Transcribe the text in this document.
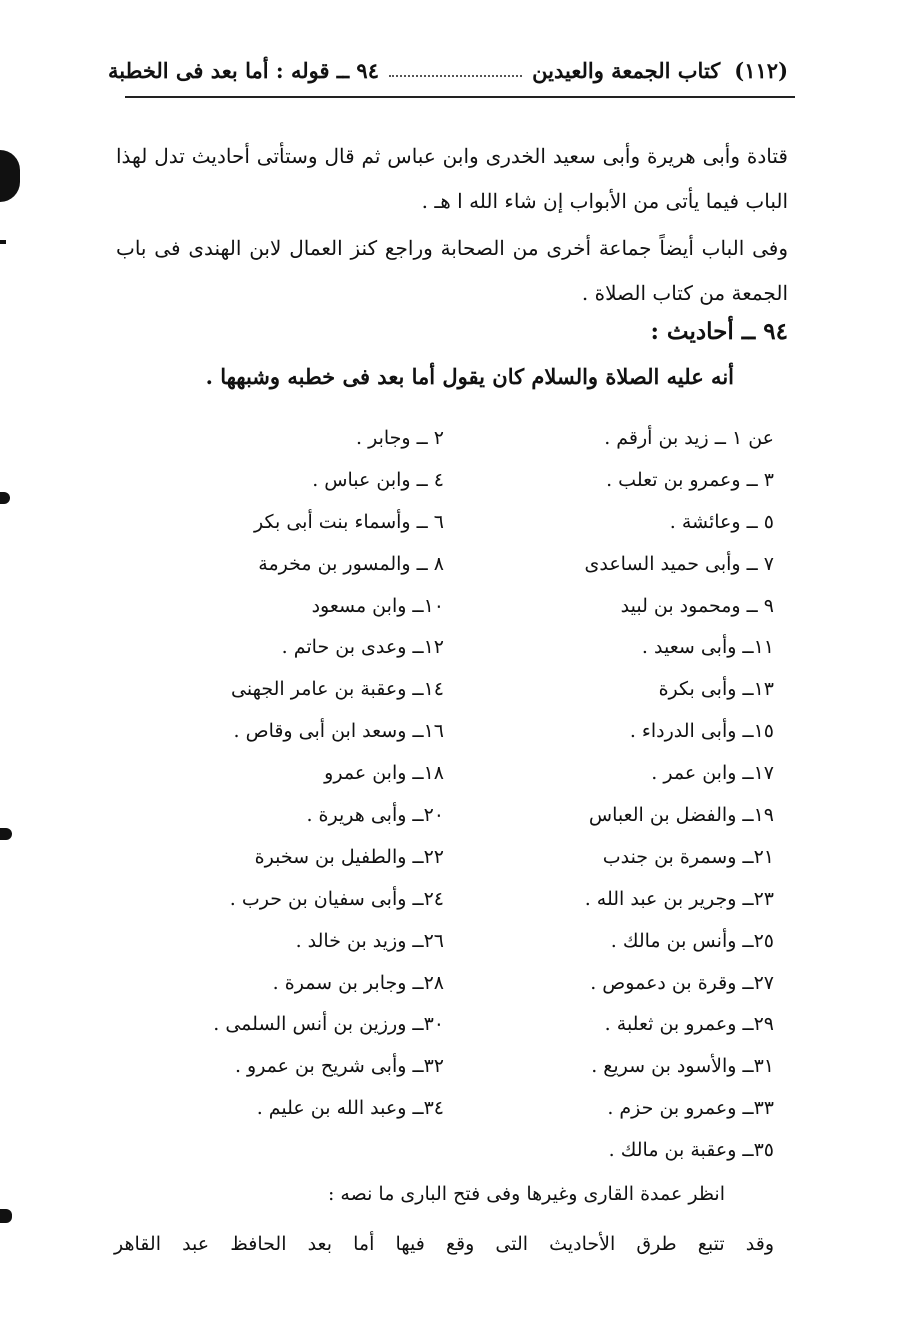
(١١٢)
كتاب الجمعة والعيدين
٩٤ ــ قوله : أما بعد فى الخطبة
قتادة وأبى هريرة وأبى سعيد الخدرى وابن عباس ثم قال وستأتى أحاديث تدل لهذا الباب فيما يأتى من الأبواب إن شاء الله ا هـ .
وفى الباب أيضاً جماعة أخرى من الصحابة وراجع كنز العمال لابن الهندى فى باب الجمعة من كتاب الصلاة .
٩٤ ــ أحاديث :
أنه عليه الصلاة والسلام كان يقول أما بعد فى خطبه وشبهها .
عن ١ ــ زيد بن أرقم .
٣ ــ وعمرو بن تعلب .
٥ ــ وعائشة .
٧ ــ وأبى حميد الساعدى
٩ ــ ومحمود بن لبيد
١١ــ وأبى سعيد .
١٣ــ وأبى بكرة
١٥ــ وأبى الدرداء .
١٧ــ وابن عمر .
١٩ــ والفضل بن العباس
٢١ــ وسمرة بن جندب
٢٣ــ وجرير بن عبد الله .
٢٥ــ وأنس بن مالك .
٢٧ــ وقرة بن دعموص .
٢٩ــ وعمرو بن ثعلبة .
٣١ــ والأسود بن سريع .
٣٣ــ وعمرو بن حزم .
٣٥ــ وعقبة بن مالك .
٢ ــ وجابر .
٤ ــ وابن عباس .
٦ ــ وأسماء بنت أبى بكر
٨ ــ والمسور بن مخرمة
١٠ــ وابن مسعود
١٢ــ وعدى بن حاتم .
١٤ــ وعقبة بن عامر الجهنى
١٦ــ وسعد ابن أبى وقاص .
١٨ــ وابن عمرو
٢٠ــ وأبى هريرة .
٢٢ــ والطفيل بن سخبرة
٢٤ــ وأبى سفيان بن حرب .
٢٦ــ وزيد بن خالد .
٢٨ــ وجابر بن سمرة .
٣٠ــ ورزين بن أنس السلمى .
٣٢ــ وأبى شريح بن عمرو .
٣٤ــ وعبد الله بن عليم .
انظر عمدة القارى وغيرها وفى فتح البارى ما نصه :
وقد تتبع طرق الأحاديث التى وقع فيها أما بعد الحافظ عبد القاهر
